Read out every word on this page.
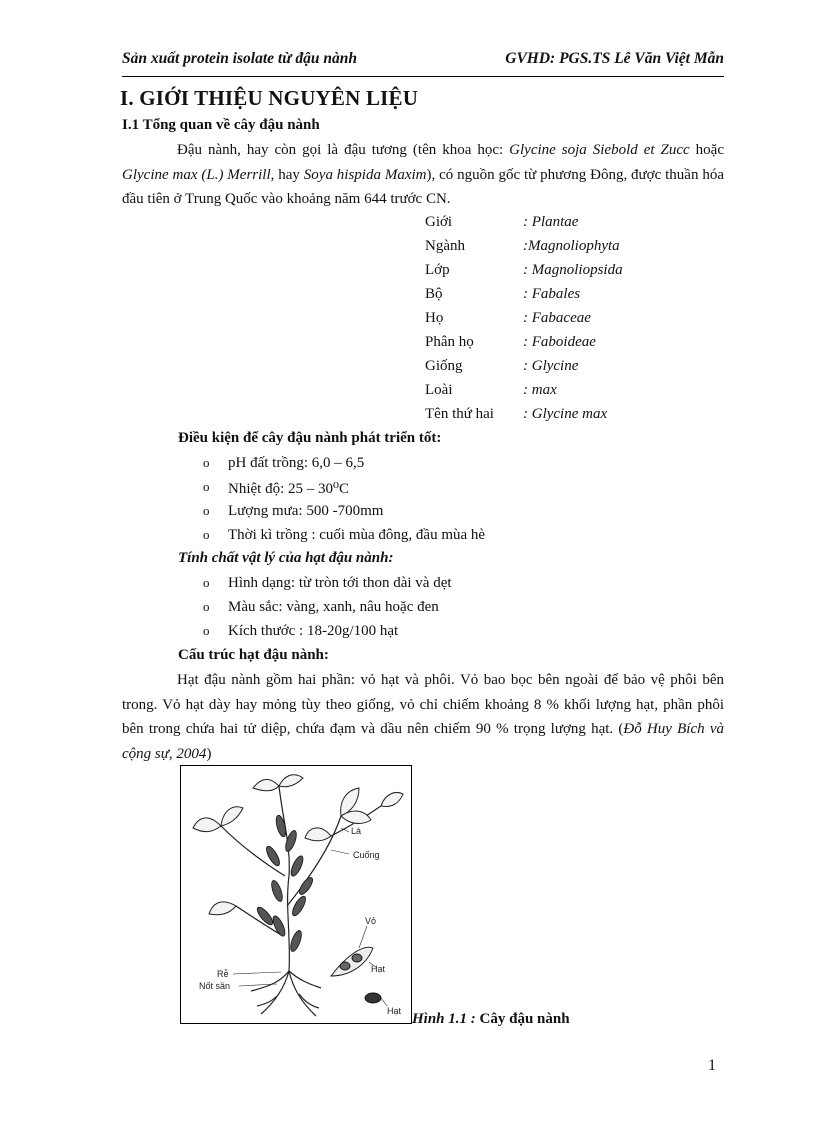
Sản xuất protein isolate từ đậu nành	GVHD: PGS.TS Lê Văn Việt Mẫn
I. GIỚI THIỆU NGUYÊN LIỆU
I.1 Tổng quan về cây đậu nành
Đậu nành, hay còn gọi là đậu tương (tên khoa học: Glycine soja Siebold et Zucc hoặc Glycine max (L.) Merrill, hay Soya hispida Maxim), có nguồn gốc từ phương Đông, được thuần hóa đầu tiên ở Trung Quốc vào khoảng năm 644 trước CN.
Giới	: Plantae
Ngành	:Magnoliophyta
Lớp	: Magnoliopsida
Bộ	: Fabales
Họ	: Fabaceae
Phân họ	: Faboideae
Giống	: Glycine
Loài	: max
Tên thứ hai : Glycine max
Điều kiện để cây đậu nành phát triển tốt:
o pH đất trồng: 6,0 – 6,5
o Nhiệt độ: 25 – 30⁰C
o Lượng mưa: 500 -700mm
o Thời kì trồng : cuối mùa đông, đầu mùa hè
Tính chất vật lý của hạt đậu nành:
o Hình dạng: từ tròn tới thon dài và dẹt
o Màu sắc: vàng, xanh, nâu hoặc đen
o Kích thước : 18-20g/100 hạt
Cấu trúc hạt đậu nành:
Hạt đậu nành gồm hai phần: vỏ hạt và phôi. Vỏ bao bọc bên ngoài để bảo vệ phôi bên trong. Vỏ hạt dày hay mỏng tùy theo giống, vỏ chỉ chiếm khoảng 8 % khối lượng hạt, phần phôi bên trong chứa hai tử diệp, chứa đạm và dầu nên chiếm 90 % trọng lượng hạt. (Đỗ Huy Bích và cộng sự, 2004)
Lá
Cuống
Vỏ
Hạt
Rễ
Nốt sần
Hạt Hình 1.1 : Cây đậu nành
1
